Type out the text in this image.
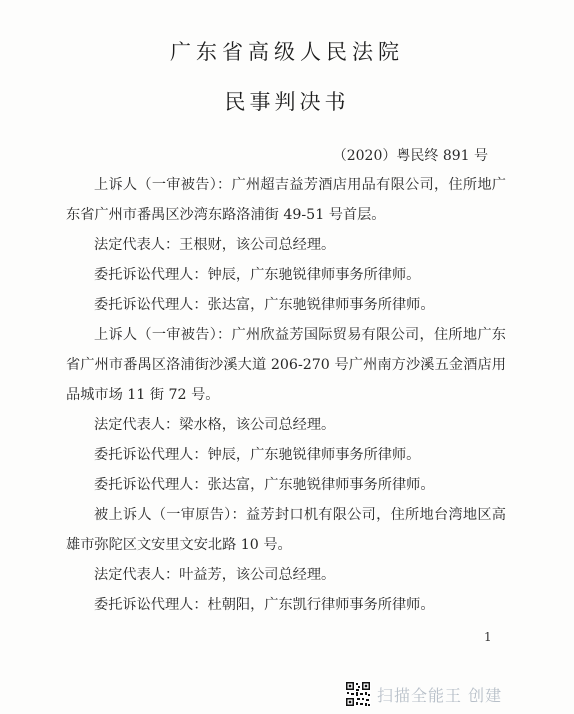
广东省高级人民法院
民事判决书
（2020）粤民终 891 号

上诉人（一审被告）：广州超吉益芳酒店用品有限公司，住所地广东省广州市番禺区沙湾东路洛浦街 49-51 号首层。

法定代表人：王根财，该公司总经理。

委托诉讼代理人：钟辰，广东驰锐律师事务所律师。

委托诉讼代理人：张达富，广东驰锐律师事务所律师。

上诉人（一审被告）：广州欣益芳国际贸易有限公司，住所地广东省广州市番禺区洛浦街沙溪大道 206-270 号广州南方沙溪五金酒店用品城市场 11 街 72 号。

法定代表人：梁水格，该公司总经理。

委托诉讼代理人：钟辰，广东驰锐律师事务所律师。

委托诉讼代理人：张达富，广东驰锐律师事务所律师。

被上诉人（一审原告）：益芳封口机有限公司，住所地台湾地区高雄市弥陀区文安里文安北路 10 号。

法定代表人：叶益芳，该公司总经理。

委托诉讼代理人：杜朝阳，广东凯行律师事务所律师。

1
扫描全能王 创建
